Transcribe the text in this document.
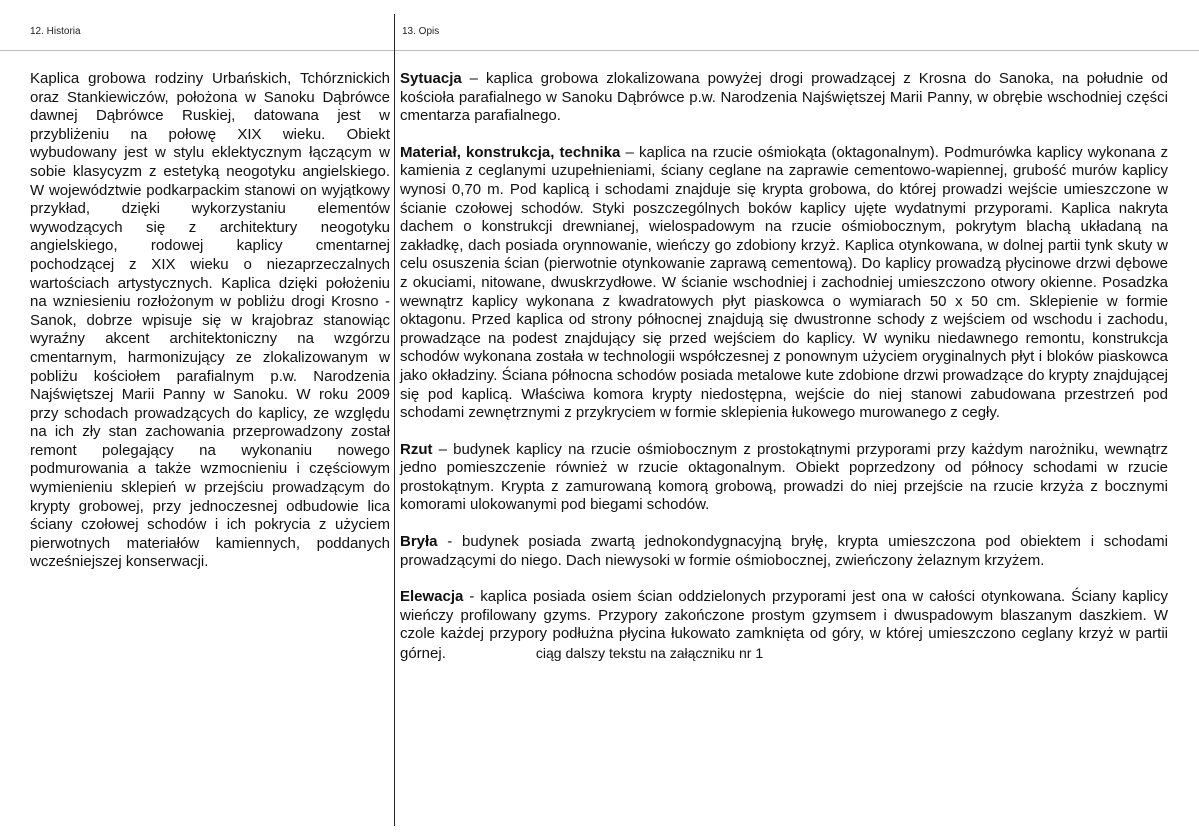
12. Historia	13. Opis

Kaplica grobowa rodziny Urbańskich, Tchórznickich oraz Stankiewiczów, położona w Sanoku Dąbrówce dawnej Dąbrówce Ruskiej, datowana jest w przybliżeniu na połowę XIX wieku. Obiekt wybudowany jest w stylu eklektycznym łączącym w sobie klasycyzm z estetyką neogotyku angielskiego. W województwie podkarpackim stanowi on wyjątkowy przykład, dzięki wykorzystaniu elementów wywodzących się z architektury neogotyku angielskiego, rodowej kaplicy cmentarnej pochodzącej z XIX wieku o niezaprzeczalnych wartościach artystycznych. Kaplica dzięki położeniu na wzniesieniu rozłożonym w pobliżu drogi Krosno - Sanok, dobrze wpisuje się w krajobraz stanowiąc wyraźny akcent architektoniczny na wzgórzu cmentarnym, harmonizujący ze zlokalizowanym w pobliżu kościołem parafialnym p.w. Narodzenia Najświętszej Marii Panny w Sanoku. W roku 2009 przy schodach prowadzących do kaplicy, ze względu na ich zły stan zachowania przeprowadzony został remont polegający na wykonaniu nowego podmurowania a także wzmocnieniu i częściowym wymienieniu sklepień w przejściu prowadzącym do krypty grobowej, przy jednoczesnej odbudowie lica ściany czołowej schodów i ich pokrycia z użyciem pierwotnych materiałów kamiennych, poddanych wcześniejszej konserwacji.

Sytuacja – kaplica grobowa zlokalizowana powyżej drogi prowadzącej z Krosna do Sanoka, na południe od kościoła parafialnego w Sanoku Dąbrówce p.w. Narodzenia Najświętszej Marii Panny, w obrębie wschodniej części cmentarza parafialnego.

Materiał, konstrukcja, technika – kaplica na rzucie ośmiokąta (oktagonalnym). Podmurówka kaplicy wykonana z kamienia z ceglanymi uzupełnieniami, ściany ceglane na zaprawie cementowo-wapiennej, grubość murów kaplicy wynosi 0,70 m. Pod kaplicą i schodami znajduje się krypta grobowa, do której prowadzi wejście umieszczone w ścianie czołowej schodów. Styki poszczególnych boków kaplicy ujęte wydatnymi przyporami. Kaplica nakryta dachem o konstrukcji drewnianej, wielospadowym na rzucie ośmiobocznym, pokrytym blachą układaną na zakładkę, dach posiada orynnowanie, wieńczy go zdobiony krzyż. Kaplica otynkowana, w dolnej partii tynk skuty w celu osuszenia ścian (pierwotnie otynkowanie zaprawą cementową). Do kaplicy prowadzą płycinowe drzwi dębowe z okuciami, nitowane, dwuskrzydłowe. W ścianie wschodniej i zachodniej umieszczono otwory okienne. Posadzka wewnątrz kaplicy wykonana z kwadratowych płyt piaskowca o wymiarach 50 x 50 cm. Sklepienie w formie oktagonu. Przed kaplica od strony północnej znajdują się dwustronne schody z wejściem od wschodu i zachodu, prowadzące na podest znajdujący się przed wejściem do kaplicy. W wyniku niedawnego remontu, konstrukcja schodów wykonana została w technologii współczesnej z ponownym użyciem oryginalnych płyt i bloków piaskowca jako okładziny. Ściana północna schodów posiada metalowe kute zdobione drzwi prowadzące do krypty znajdującej się pod kaplicą. Właściwa komora krypty niedostępna, wejście do niej stanowi zabudowana przestrzeń pod schodami zewnętrznymi z przykryciem w formie sklepienia łukowego murowanego z cegły.

Rzut – budynek kaplicy na rzucie ośmiobocznym z prostokątnymi przyporami przy każdym narożniku, wewnątrz jedno pomieszczenie również w rzucie oktagonalnym. Obiekt poprzedzony od północy schodami w rzucie prostokątnym. Krypta z zamurowaną komorą grobową, prowadzi do niej przejście na rzucie krzyża z bocznymi komorami ulokowanymi pod biegami schodów.

Bryła - budynek posiada zwartą jednokondygnacyjną bryłę, krypta umieszczona pod obiektem i schodami prowadzącymi do niego. Dach niewysoki w formie ośmiobocznej, zwieńczony żelaznym krzyżem.

Elewacja - kaplica posiada osiem ścian oddzielonych przyporami jest ona w całości otynkowana. Ściany kaplicy wieńczy profilowany gzyms. Przypory zakończone prostym gzymsem i dwuspadowym blaszanym daszkiem. W czole każdej przypory podłużna płycina łukowato zamknięta od góry, w której umieszczono ceglany krzyż w partii górnej.	ciąg dalszy tekstu na załączniku nr 1
